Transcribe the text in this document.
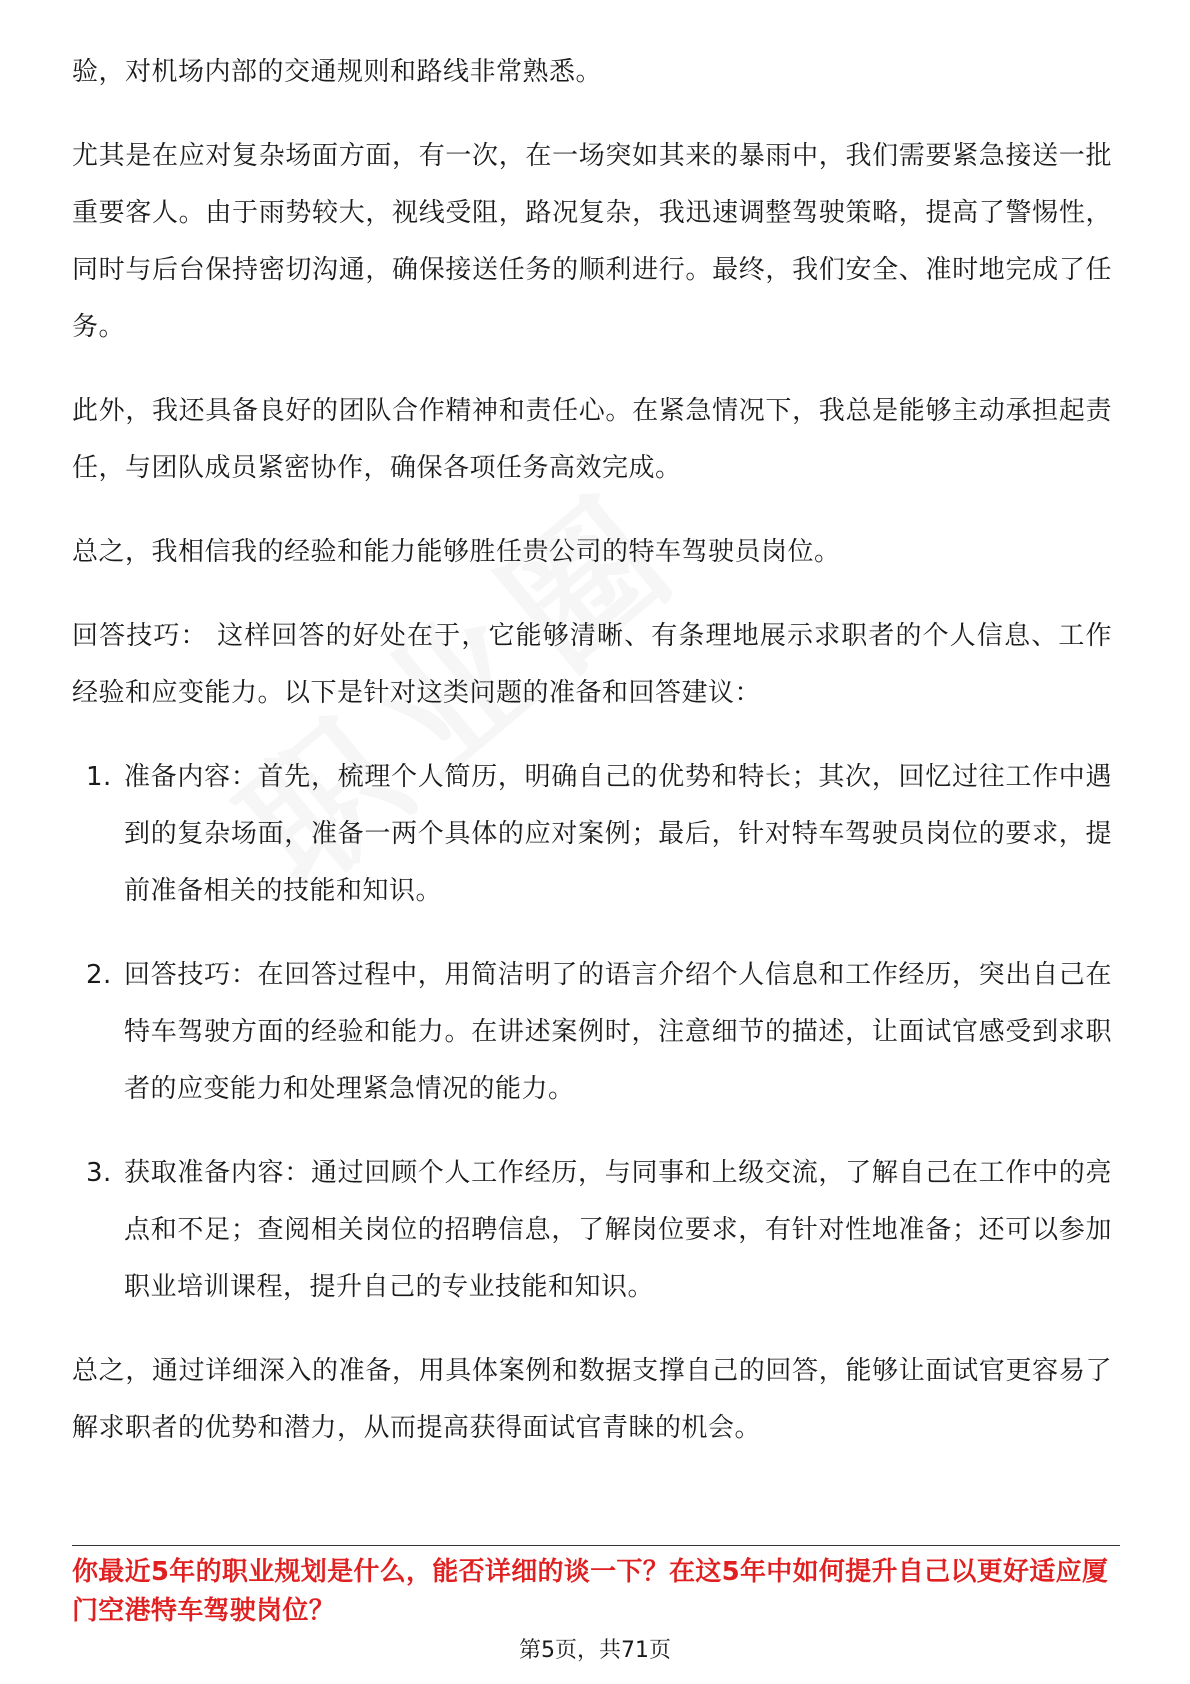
验，对机场内部的交通规则和路线非常熟悉。

尤其是在应对复杂场面方面，有一次，在一场突如其来的暴雨中，我们需要紧急接送一批重要客人。由于雨势较大，视线受阻，路况复杂，我迅速调整驾驶策略，提高了警惕性，同时与后台保持密切沟通，确保接送任务的顺利进行。最终，我们安全、准时地完成了任务。

此外，我还具备良好的团队合作精神和责任心。在紧急情况下，我总是能够主动承担起责任，与团队成员紧密协作，确保各项任务高效完成。

总之，我相信我的经验和能力能够胜任贵公司的特车驾驶员岗位。

回答技巧： 这样回答的好处在于，它能够清晰、有条理地展示求职者的个人信息、工作经验和应变能力。以下是针对这类问题的准备和回答建议：

1. 准备内容：首先，梳理个人简历，明确自己的优势和特长；其次，回忆过往工作中遇到的复杂场面，准备一两个具体的应对案例；最后，针对特车驾驶员岗位的要求，提前准备相关的技能和知识。
2. 回答技巧：在回答过程中，用简洁明了的语言介绍个人信息和工作经历，突出自己在特车驾驶方面的经验和能力。在讲述案例时，注意细节的描述，让面试官感受到求职者的应变能力和处理紧急情况的能力。
3. 获取准备内容：通过回顾个人工作经历，与同事和上级交流，了解自己在工作中的亮点和不足；查阅相关岗位的招聘信息，了解岗位要求，有针对性地准备；还可以参加职业培训课程，提升自己的专业技能和知识。

总之，通过详细深入的准备，用具体案例和数据支撑自己的回答，能够让面试官更容易了解求职者的优势和潜力，从而提高获得面试官青睐的机会。

你最近5年的职业规划是什么，能否详细的谈一下？在这5年中如何提升自己以更好适应厦门空港特车驾驶岗位？
第5页，共71页
